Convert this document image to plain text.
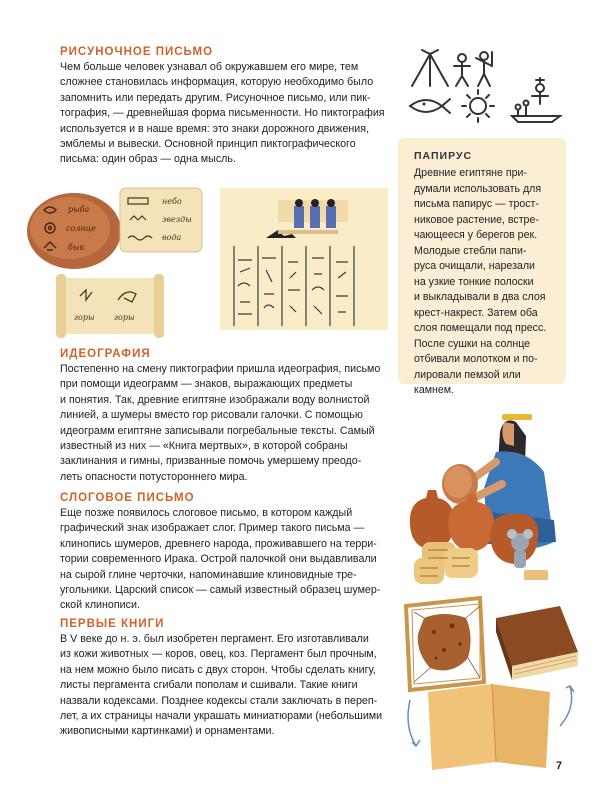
РИСУНОЧНОЕ ПИСЬМО

Чем больше человек узнавал об окружавшем его мире, тем
сложнее становилась информация, которую необходимо было
запомнить или передать другим. Рисуночное письмо, или пик-
тография, — древнейшая форма письменности. Но пиктография
используется и в наше время: это знаки дорожного движения,
эмблемы и вывески. Основной принцип пиктографического
письма: один образ — одна мысль.

рыба
солнце
бык
небо
звезды
вода
горы горы
ПАПИРУС
Древние египтяне при-
думали использовать для
письма папирус — трост-
никовое растение, встре-
чающееся у берегов рек.
Молодые стебли папи-
руса очищали, нарезали
на узкие тонкие полоски
и выкладывали в два слоя
крест-накрест. Затем оба
слоя помещали под пресс.
После сушки на солнце
отбивали молотком и по-
лировали пемзой или
камнем.
ИДЕОГРАФИЯ

Постепенно на смену пиктографии пришла идеография, письмо
при помощи идеограмм — знаков, выражающих предметы
и понятия. Так, древние египтяне изображали воду волнистой
линией, а шумеры вместо гор рисовали галочки. С помощью
идеограмм египтяне записывали погребальные тексты. Самый
известный из них — «Книга мертвых», в которой собраны
заклинания и гимны, призванные помочь умершему преодо-
леть опасности потустороннего мира.

СЛОГОВОЕ ПИСЬМО

Еще позже появилось слоговое письмо, в котором каждый
графический знак изображает слог. Пример такого письма —
клинопись шумеров, древнего народа, проживавшего на терри-
тории современного Ирака. Острой палочкой они выдавливали
на сырой глине черточки, напоминавшие клиновидные тре-
угольники. Царский список — самый известный образец шумер-
ской клинописи.

ПЕРВЫЕ КНИГИ

В V веке до н. э. был изобретен пергамент. Его изготавливали
из кожи животных — коров, овец, коз. Пергамент был прочным,
на нем можно было писать с двух сторон. Чтобы сделать книгу,
листы пергамента сгибали пополам и сшивали. Такие книги
назвали кодексами. Позднее кодексы стали заключать в переп-
лет, а их страницы начали украшать миниатюрами (небольшими
живописными картинками) и орнаментами.

7
